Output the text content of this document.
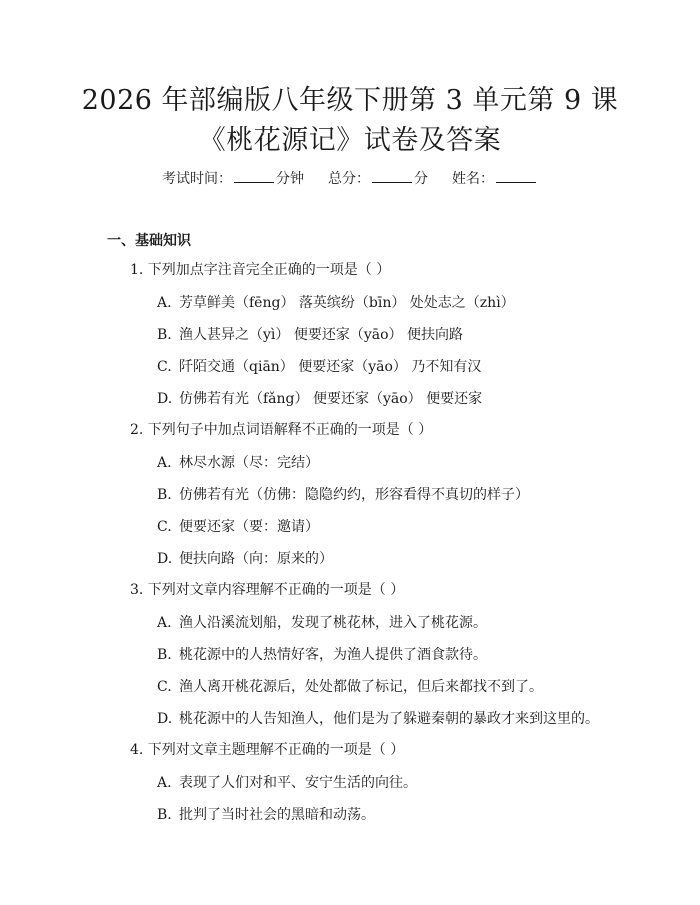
2026 年部编版八年级下册第 3 单元第 9 课
《桃花源记》试卷及答案
考试时间：	分钟 总分：	分 姓名：
一、基础知识
1. 下列加点字注音完全正确的一项是（ ）
A. 芳草鲜美（fēng） 落英缤纷（bīn） 处处志之（zhì）
B. 渔人甚异之（yì） 便要还家（yāo） 便扶向路
C. 阡陌交通（qiān） 便要还家（yāo） 乃不知有汉
D. 仿佛若有光（fǎng） 便要还家（yāo） 便要还家
2. 下列句子中加点词语解释不正确的一项是（ ）
A. 林尽水源（尽：完结）
B. 仿佛若有光（仿佛：隐隐约约，形容看得不真切的样子）
C. 便要还家（要：邀请）
D. 便扶向路（向：原来的）
3. 下列对文章内容理解不正确的一项是（ ）
A. 渔人沿溪流划船，发现了桃花林，进入了桃花源。
B. 桃花源中的人热情好客，为渔人提供了酒食款待。
C. 渔人离开桃花源后，处处都做了标记，但后来都找不到了。
D. 桃花源中的人告知渔人，他们是为了躲避秦朝的暴政才来到这里的。
4. 下列对文章主题理解不正确的一项是（ ）
A. 表现了人们对和平、安宁生活的向往。
B. 批判了当时社会的黑暗和动荡。
